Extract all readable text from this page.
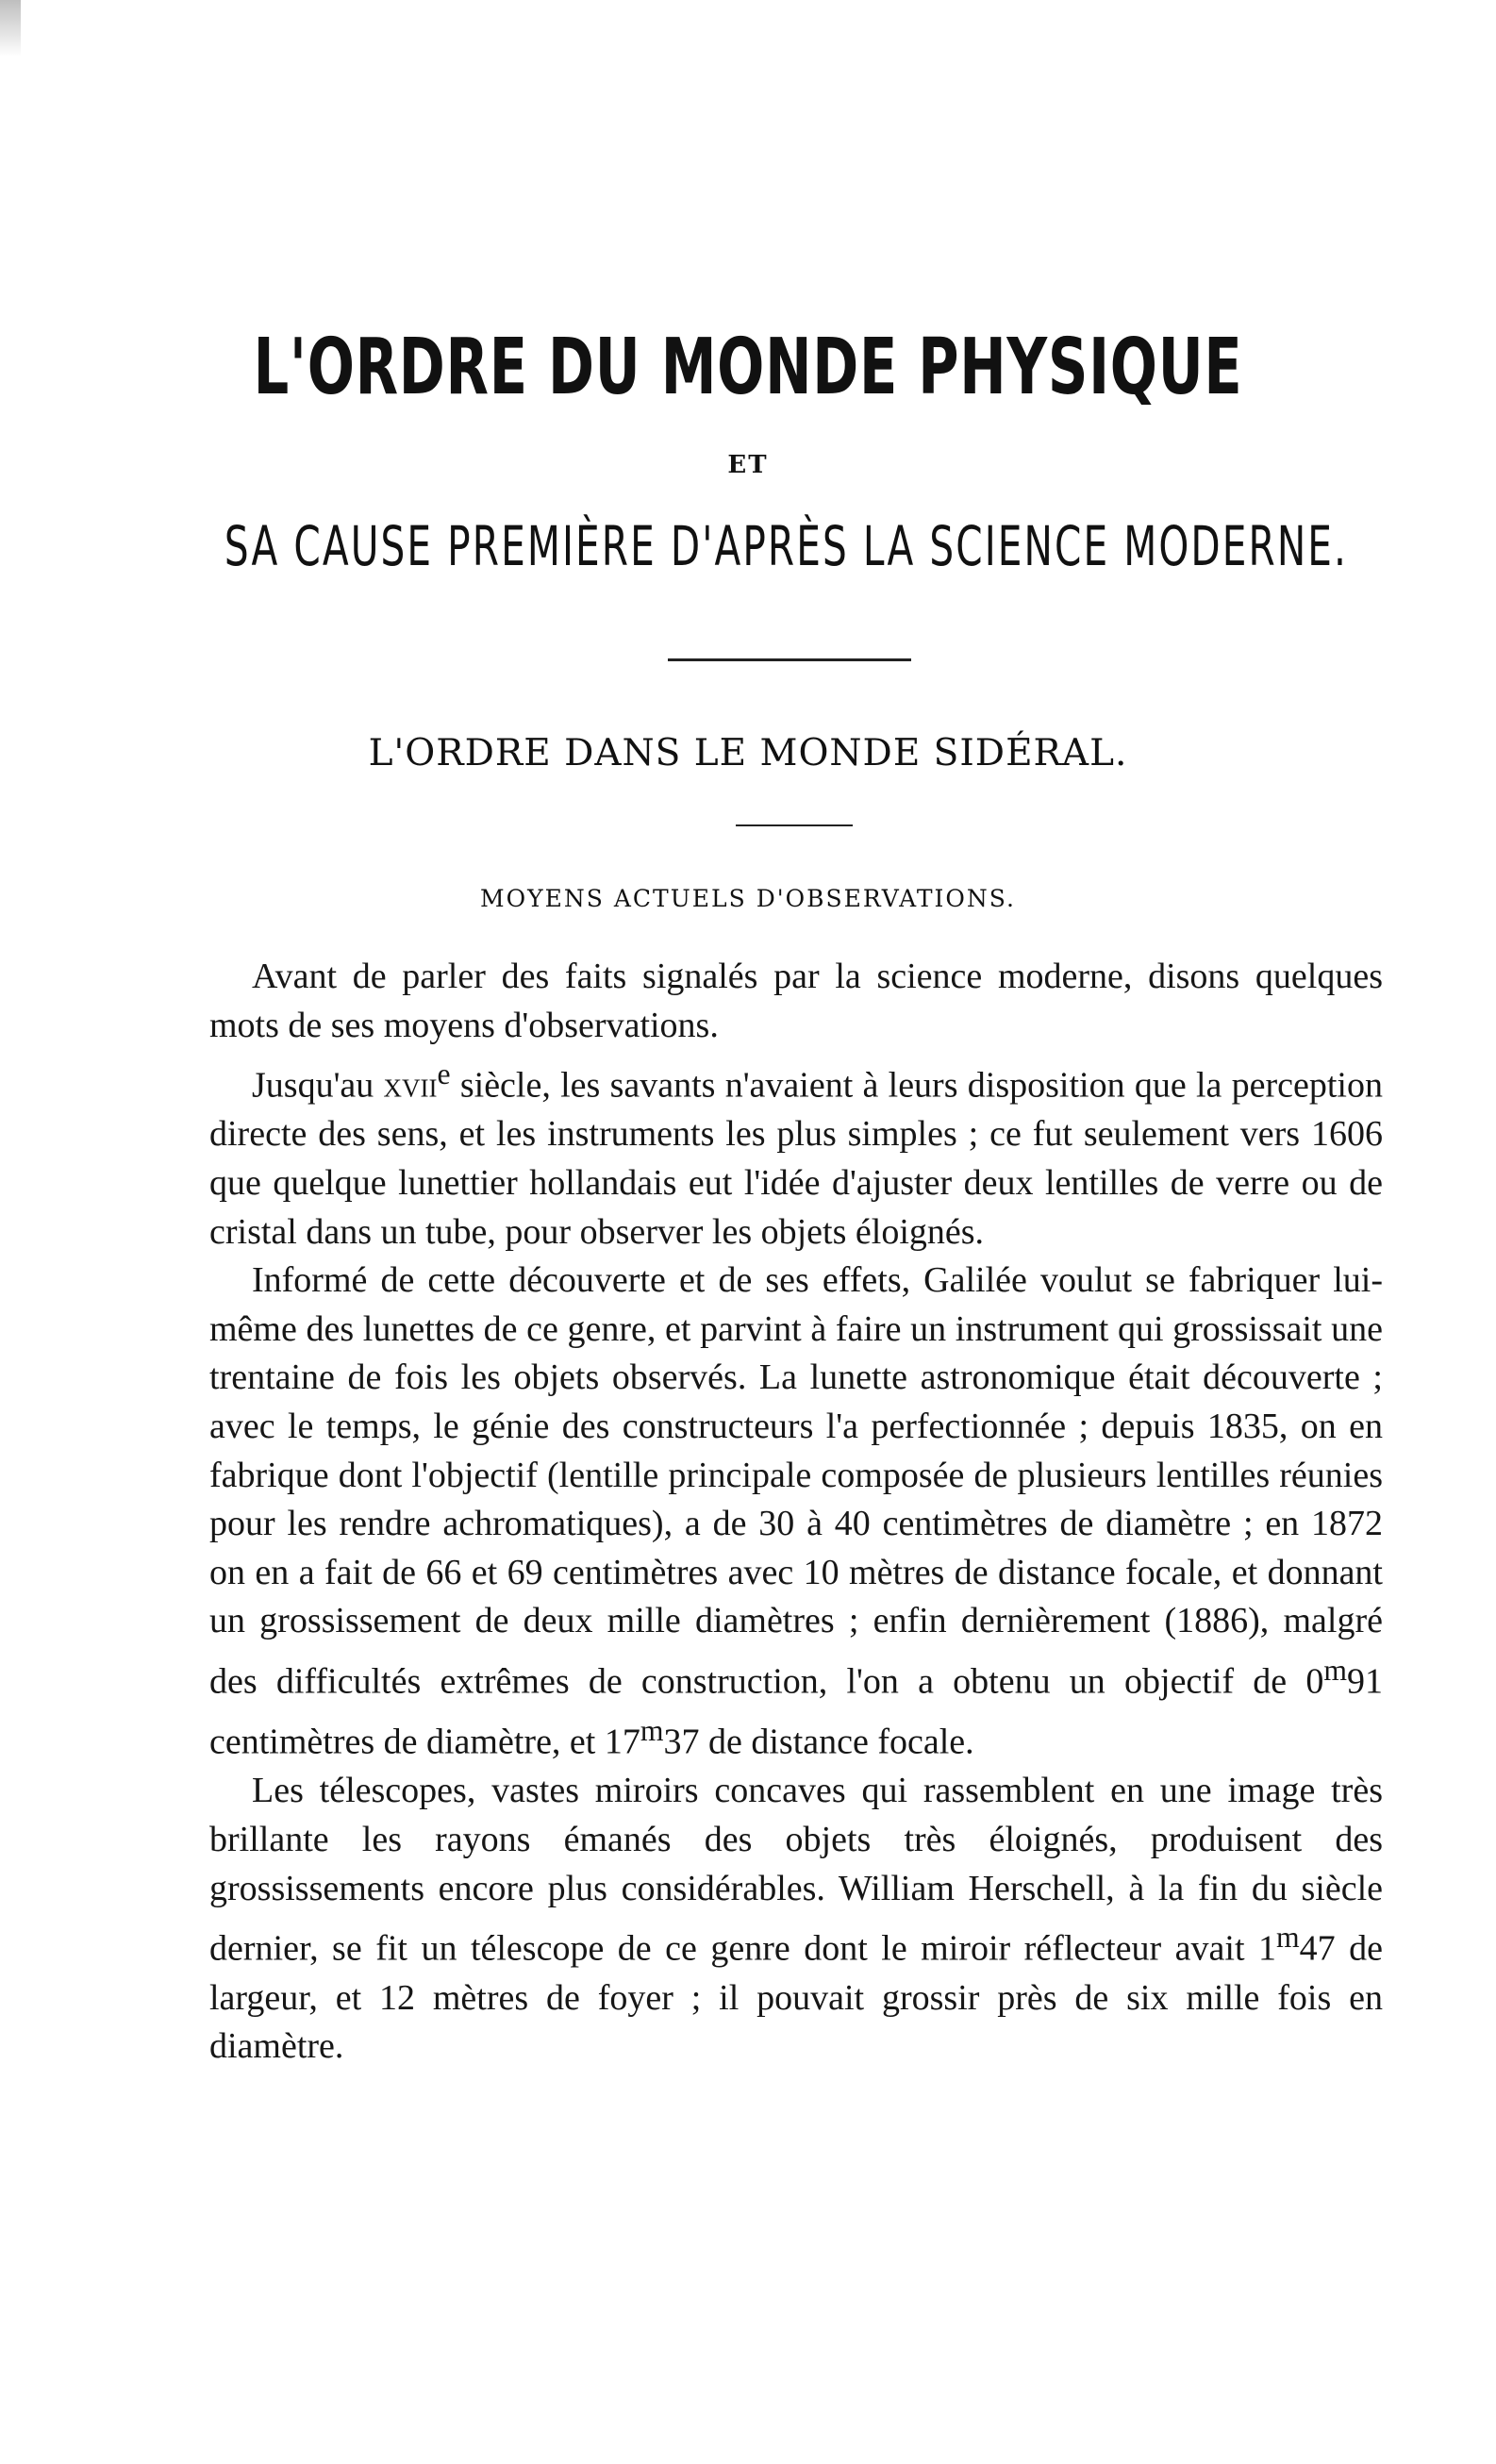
L'ORDRE DU MONDE PHYSIQUE
ET
SA CAUSE PREMIÈRE D'APRÈS LA SCIENCE MODERNE.
L'ORDRE DANS LE MONDE SIDÉRAL.
MOYENS ACTUELS D'OBSERVATIONS.

Avant de parler des faits signalés par la science moderne, disons quelques mots de ses moyens d'observations.

Jusqu'au xvii$^e$ siècle, les savants n'avaient à leurs disposition que la perception directe des sens, et les instruments les plus simples ; ce fut seulement vers 1606 que quelque lunettier hollandais eut l'idée d'ajuster deux lentilles de verre ou de cristal dans un tube, pour observer les objets éloignés.

Informé de cette découverte et de ses effets, Galilée voulut se fabriquer lui-même des lunettes de ce genre, et parvint à faire un instrument qui grossissait une trentaine de fois les objets observés. La lunette astronomique était découverte ; avec le temps, le génie des constructeurs l'a perfectionnée ; depuis 1835, on en fabrique dont l'objectif (lentille principale composée de plusieurs lentilles réunies pour les rendre achromatiques), a de 30 à 40 centimètres de diamètre ; en 1872 on en a fait de 66 et 69 centimètres avec 10 mètres de distance focale, et donnant un grossissement de deux mille diamètres ; enfin dernièrement (1886), malgré des difficultés extrêmes de construction, l'on a obtenu un objectif de 0$^m$91 centimètres de diamètre, et 17$^m$37 de distance focale.

Les télescopes, vastes miroirs concaves qui rassemblent en une image très brillante les rayons émanés des objets très éloignés, produisent des grossissements encore plus considérables. William Herschell, à la fin du siècle dernier, se fit un télescope de ce genre dont le miroir réflecteur avait 1$^m$47 de largeur, et 12 mètres de foyer ; il pouvait grossir près de six mille fois en diamètre.
